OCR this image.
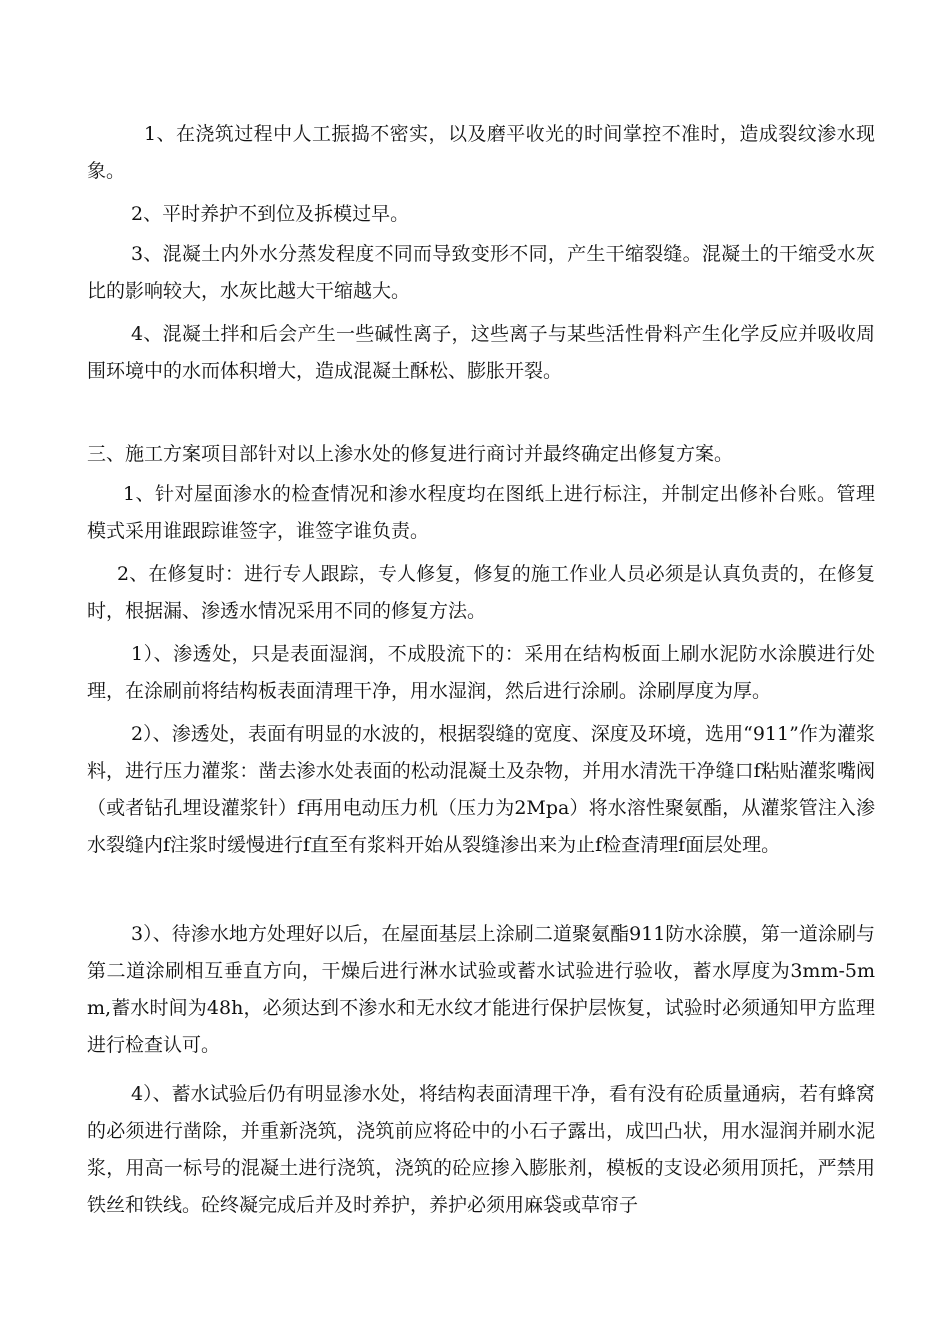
1、在浇筑过程中人工振捣不密实，以及磨平收光的时间掌控不准时，造成裂纹渗水现象。

2、平时养护不到位及拆模过早。

3、混凝土内外水分蒸发程度不同而导致变形不同，产生干缩裂缝。混凝土的干缩受水灰比的影响较大，水灰比越大干缩越大。

4、混凝土拌和后会产生一些碱性离子，这些离子与某些活性骨料产生化学反应并吸收周围环境中的水而体积增大，造成混凝土酥松、膨胀开裂。

三、施工方案项目部针对以上渗水处的修复进行商讨并最终确定出修复方案。

1、针对屋面渗水的检查情况和渗水程度均在图纸上进行标注，并制定出修补台账。管理模式采用谁跟踪谁签字，谁签字谁负责。

2、在修复时：进行专人跟踪，专人修复，修复的施工作业人员必须是认真负责的，在修复时，根据漏、渗透水情况采用不同的修复方法。

1）、渗透处，只是表面湿润，不成股流下的：采用在结构板面上刷水泥防水涂膜进行处理，在涂刷前将结构板表面清理干净，用水湿润，然后进行涂刷。涂刷厚度为厚。

2）、渗透处，表面有明显的水波的，根据裂缝的宽度、深度及环境，选用“911”作为灌浆料，进行压力灌浆：凿去渗水处表面的松动混凝土及杂物，并用水清洗干净缝口f粘贴灌浆嘴阀（或者钻孔埋设灌浆针）f再用电动压力机（压力为2Mpa）将水溶性聚氨酯，从灌浆管注入渗水裂缝内f注浆时缓慢进行f直至有浆料开始从裂缝渗出来为止f检查清理f面层处理。

3）、待渗水地方处理好以后，在屋面基层上涂刷二道聚氨酯911防水涂膜，第一道涂刷与第二道涂刷相互垂直方向，干燥后进行淋水试验或蓄水试验进行验收，蓄水厚度为3mm-5mm,蓄水时间为48h，必须达到不渗水和无水纹才能进行保护层恢复，试验时必须通知甲方监理进行检查认可。

4）、蓄水试验后仍有明显渗水处，将结构表面清理干净，看有没有砼质量通病，若有蜂窝的必须进行凿除，并重新浇筑，浇筑前应将砼中的小石子露出，成凹凸状，用水湿润并刷水泥浆，用高一标号的混凝土进行浇筑，浇筑的砼应掺入膨胀剂，模板的支设必须用顶托，严禁用铁丝和铁线。砼终凝完成后并及时养护，养护必须用麻袋或草帘子
